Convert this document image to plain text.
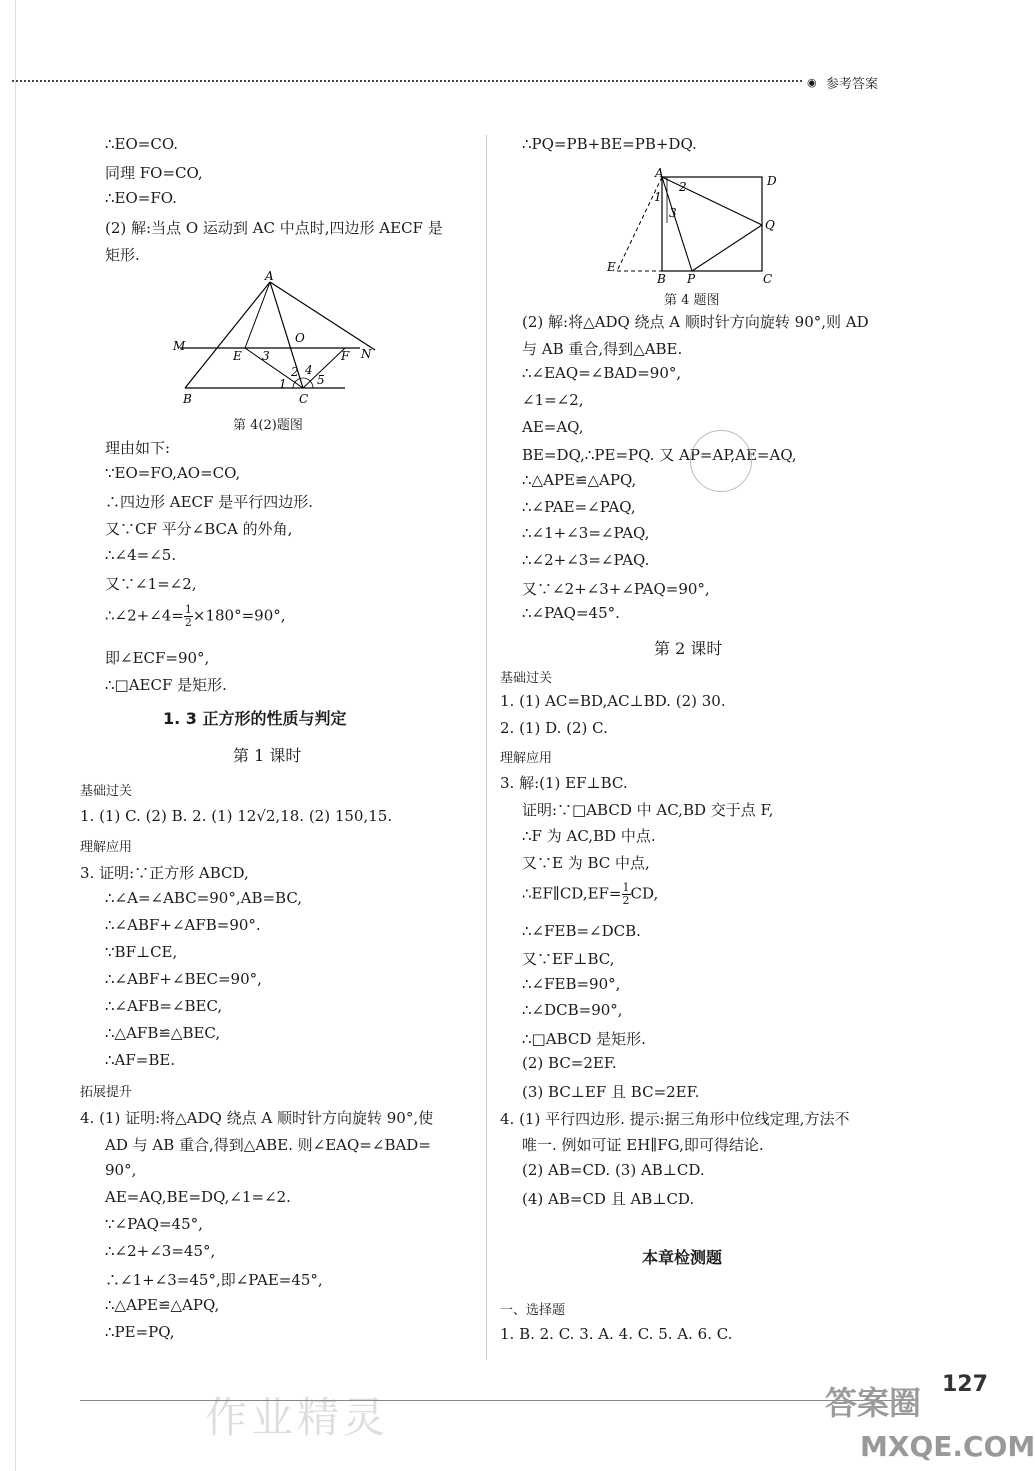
◉ 参考答案
∴EO=CO.
同理 FO=CO,
∴EO=FO.
(2) 解:当点 O 运动到 AC 中点时,四边形 AECF 是
矩形.
A
M
N
E
O
F
B	C
1
2
3
4
5
第 4(2)题图
理由如下:
∵EO=FO,AO=CO,
∴四边形 AECF 是平行四边形.
又∵CF 平分∠BCA 的外角,
∴∠4=∠5.
又∵∠1=∠2,
∴∠2+∠4= $\frac{1}{2} \times 180^\circ=90^\circ$,
即∠ECF=90°,
∴□AECF 是矩形.
1. 3 正方形的性质与判定
第 1 课时
基础过关
1. (1) C. (2) B. 2. (1) 12√2,18. (2) 150,15.
理解应用
3. 证明:∵正方形 ABCD,
∴∠A=∠ABC=90°,AB=BC,
∴∠ABF+∠AFB=90°.
∵BF⊥CE,
∴∠ABF+∠BEC=90°,
∴∠AFB=∠BEC,
∴△AFB≌△BEC,
∴AF=BE.
拓展提升
4. (1) 证明:将△ADQ 绕点 A 顺时针方向旋转 90°,使
AD 与 AB 重合,得到△ABE. 则∠EAQ=∠BAD=
90°,
AE=AQ,BE=DQ,∠1=∠2.
∵∠PAQ=45°,
∴∠2+∠3=45°,
∴∠1+∠3=45°,即∠PAE=45°,
∴△APE≌△APQ,
∴PE=PQ,
∴PQ=PB+BE=PB+DQ.
A
D
Q
E
B P	C
1
2
3
第 4 题图
(2) 解:将△ADQ 绕点 A 顺时针方向旋转 90°,则 AD
与 AB 重合,得到△ABE.
∴∠EAQ=∠BAD=90°,
∠1=∠2,
AE=AQ,
BE=DQ,∴PE=PQ. 又 AP=AP,AE=AQ,
∴△APE≌△APQ,
∴∠PAE=∠PAQ,
∴∠1+∠3=∠PAQ,
∴∠2+∠3=∠PAQ.
又∵∠2+∠3+∠PAQ=90°,
∴∠PAQ=45°.
第 2 课时
基础过关
1. (1) AC=BD,AC⊥BD. (2) 30.
2. (1) D. (2) C.
理解应用
3. 解:(1) EF⊥BC.
证明:∵□ABCD 中 AC,BD 交于点 F,
∴F 为 AC,BD 中点.
又∵E 为 BC 中点,
∴EF∥CD,EF= $\frac{1}{2}$ CD,
∴∠FEB=∠DCB.
又∵EF⊥BC,
∴∠FEB=90°,
∴∠DCB=90°,
∴□ABCD 是矩形.
(2) BC=2EF.
(3) BC⊥EF 且 BC=2EF.
4. (1) 平行四边形. 提示:据三角形中位线定理,方法不
唯一. 例如可证 EH∥FG,即可得结论.
(2) AB=CD. (3) AB⊥CD.
(4) AB=CD 且 AB⊥CD.
本章检测题
一、选择题
1. B. 2. C. 3. A. 4. C. 5. A. 6. C.

作业精灵	答案圈 127
MXQE.COM
